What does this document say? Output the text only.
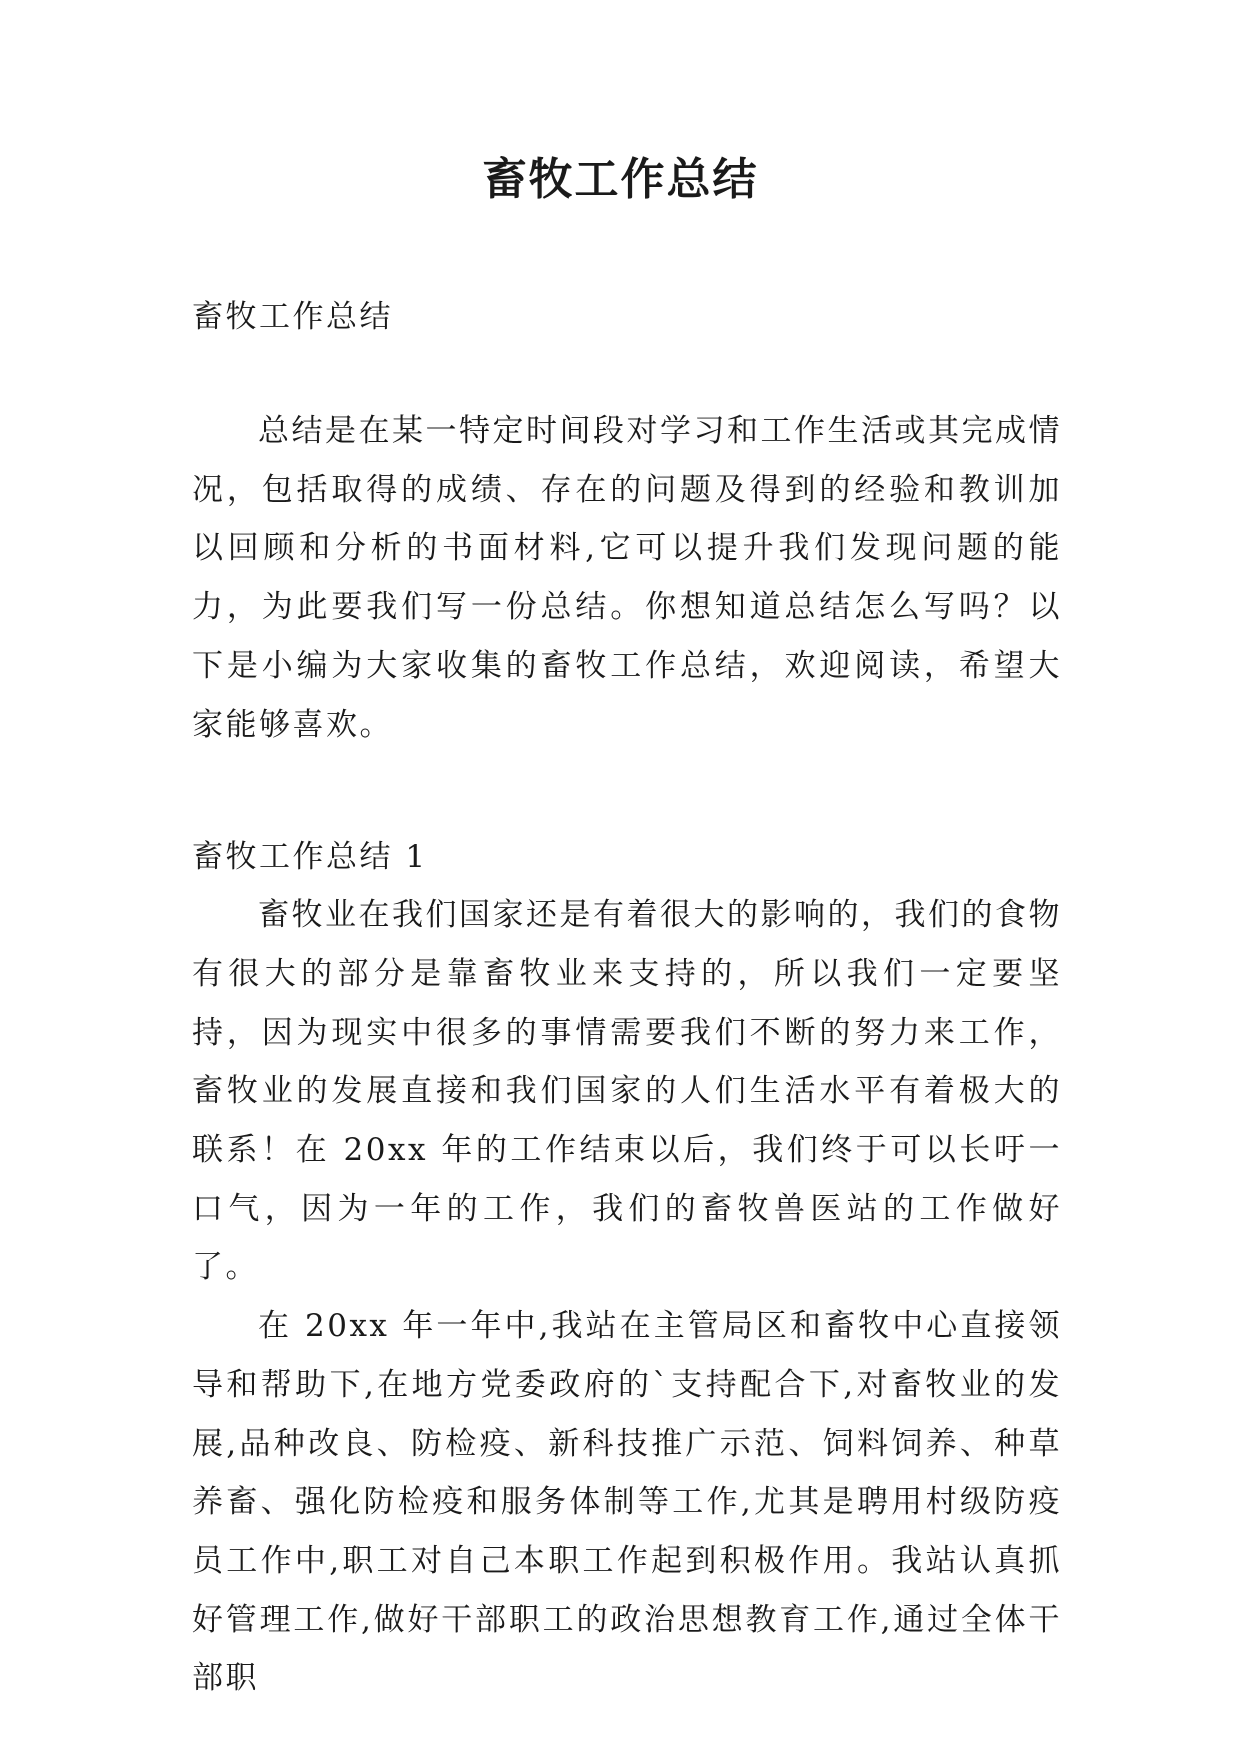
畜牧工作总结

畜牧工作总结

总结是在某一特定时间段对学习和工作生活或其完成情况，包括取得的成绩、存在的问题及得到的经验和教训加以回顾和分析的书面材料,它可以提升我们发现问题的能力，为此要我们写一份总结。你想知道总结怎么写吗？以下是小编为大家收集的畜牧工作总结，欢迎阅读，希望大家能够喜欢。

畜牧工作总结 1

畜牧业在我们国家还是有着很大的影响的，我们的食物有很大的部分是靠畜牧业来支持的，所以我们一定要坚持，因为现实中很多的事情需要我们不断的努力来工作，畜牧业的发展直接和我们国家的人们生活水平有着极大的联系！在 20xx 年的工作结束以后，我们终于可以长吁一口气，因为一年的工作，我们的畜牧兽医站的工作做好了。

在 20xx 年一年中,我站在主管局区和畜牧中心直接领导和帮助下,在地方党委政府的`支持配合下,对畜牧业的发展,品种改良、防检疫、新科技推广示范、饲料饲养、种草养畜、强化防检疫和服务体制等工作,尤其是聘用村级防疫员工作中,职工对自己本职工作起到积极作用。我站认真抓好管理工作,做好干部职工的政治思想教育工作,通过全体干部职
